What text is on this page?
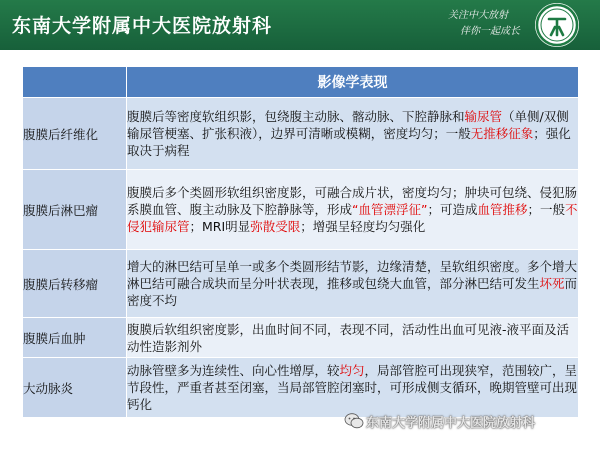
东南大学附属中大医院放射科	关注中大放射
伴你一起成长
	影像学表现
腹膜后纤维化	腹膜后等密度软组织影，包绕腹主动脉、髂动脉、下腔静脉和输尿管（单侧/双侧输尿管梗塞、扩张积液），边界可清晰或模糊，密度均匀；一般无推移征象；强化取决于病程
腹膜后淋巴瘤	腹膜后多个类圆形软组织密度影，可融合成片状，密度均匀；肿块可包绕、侵犯肠系膜血管、腹主动脉及下腔静脉等，形成“血管漂浮征”；可造成血管推移；一般不侵犯输尿管；MRI明显弥散受限；增强呈轻度均匀强化
腹膜后转移瘤	增大的淋巴结可呈单一或多个类圆形结节影，边缘清楚，呈软组织密度。多个增大淋巴结可融合成块而呈分叶状表现，推移或包绕大血管，部分淋巴结可发生坏死而密度不均
腹膜后血肿	腹膜后软组织密度影，出血时间不同，表现不同，活动性出血可见液-液平面及活动性造影剂外
大动脉炎	动脉管壁多为连续性、向心性增厚，较均匀，局部管腔可出现狭窄，范围较广，呈节段性，严重者甚至闭塞，当局部管腔闭塞时，可形成侧支循环，晚期管壁可出现钙化
东南大学附属中大医院放射科
